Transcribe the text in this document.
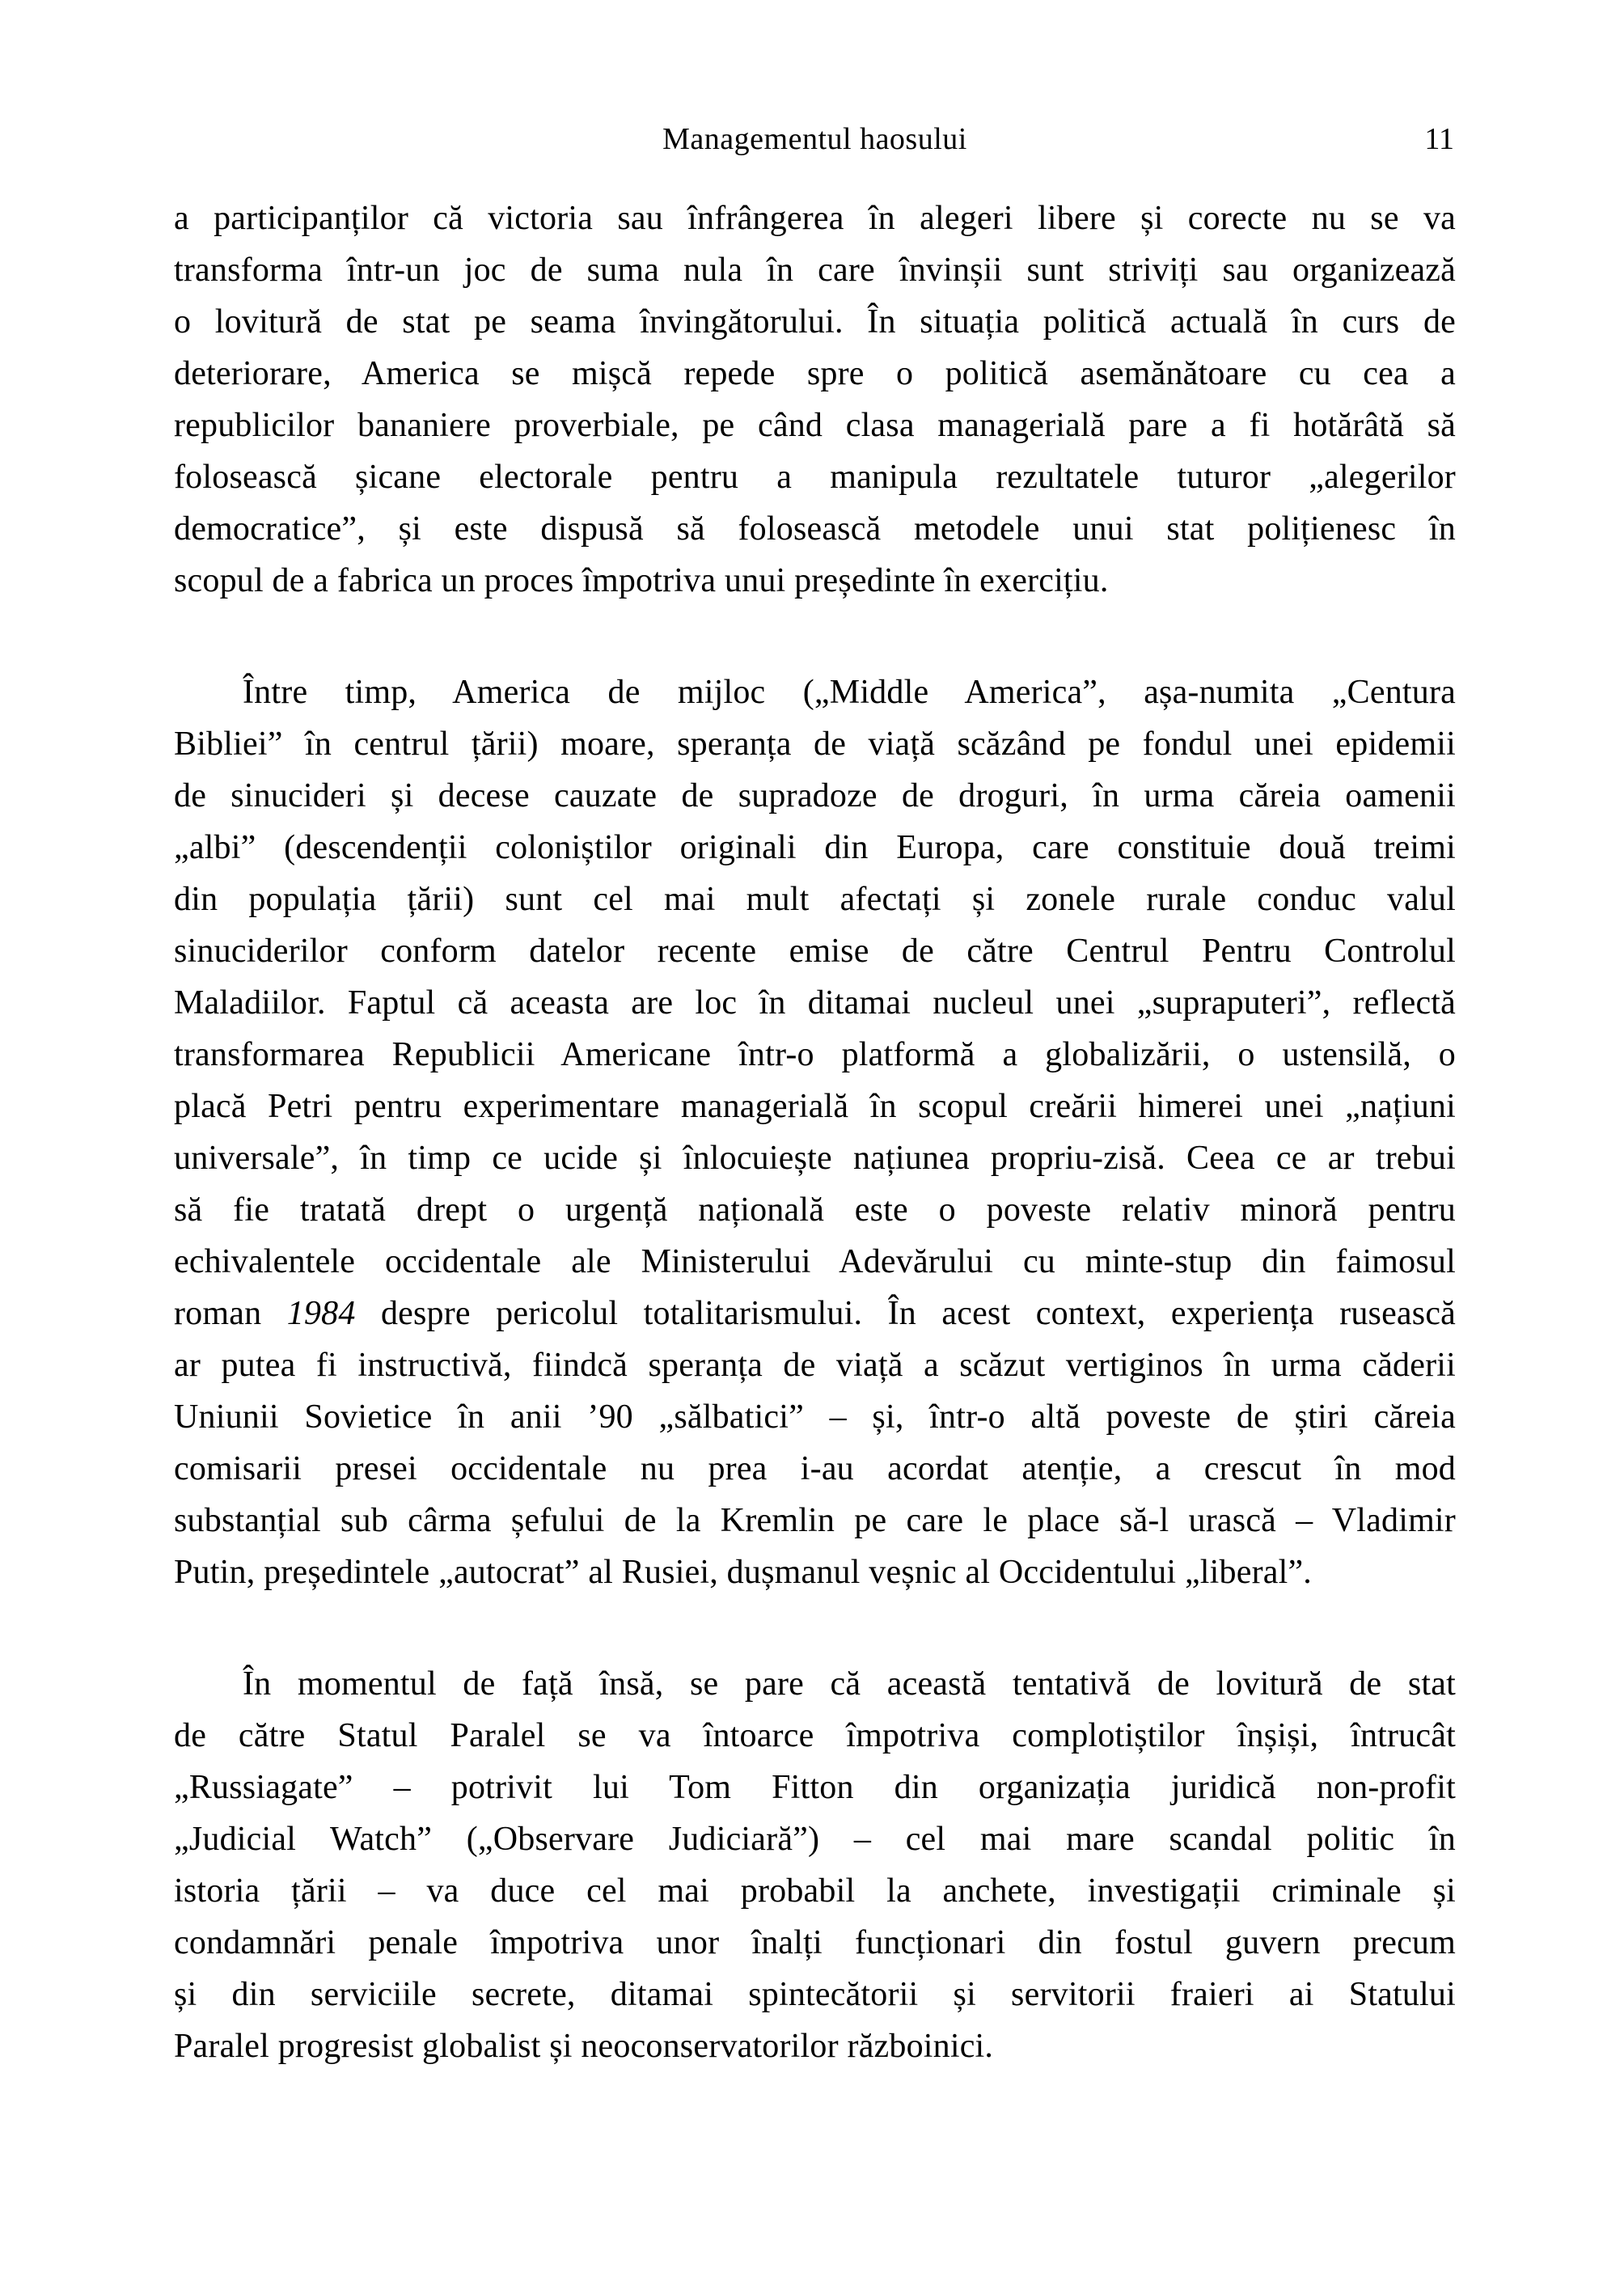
Managementul haosului	11
a participanților că victoria sau înfrângerea în alegeri libere și corecte nu se va
transforma într-un joc de suma nula în care învinșii sunt striviți sau organizează
o lovitură de stat pe seama învingătorului. În situația politică actuală în curs de
deteriorare, America se mișcă repede spre o politică asemănătoare cu cea a
republicilor bananiere proverbiale, pe când clasa managerială pare a fi hotărâtă să
folosească șicane electorale pentru a manipula rezultatele tuturor „alegerilor
democratice”, și este dispusă să folosească metodele unui stat polițienesc în
scopul de a fabrica un proces împotriva unui președinte în exercițiu.
Între timp, America de mijloc („Middle America”, așa-numita „Centura
Bibliei” în centrul țării) moare, speranța de viață scăzând pe fondul unei epidemii
de sinucideri și decese cauzate de supradoze de droguri, în urma căreia oamenii
„albi” (descendenții coloniștilor originali din Europa, care constituie două treimi
din populația țării) sunt cel mai mult afectați și zonele rurale conduc valul
sinuciderilor conform datelor recente emise de către Centrul Pentru Controlul
Maladiilor. Faptul că aceasta are loc în ditamai nucleul unei „supraputeri”, reflectă
transformarea Republicii Americane într-o platformă a globalizării, o ustensilă, o
placă Petri pentru experimentare managerială în scopul creării himerei unei „națiuni
universale”, în timp ce ucide și înlocuiește națiunea propriu-zisă. Ceea ce ar trebui
să fie tratată drept o urgență națională este o poveste relativ minoră pentru
echivalentele occidentale ale Ministerului Adevărului cu minte-stup din faimosul
roman 1984 despre pericolul totalitarismului. În acest context, experiența rusească
ar putea fi instructivă, fiindcă speranța de viață a scăzut vertiginos în urma căderii
Uniunii Sovietice în anii ’90 „sălbatici” – și, într-o altă poveste de știri căreia
comisarii presei occidentale nu prea i-au acordat atenție, a crescut în mod
substanțial sub cârma șefului de la Kremlin pe care le place să-l urască – Vladimir
Putin, președintele „autocrat” al Rusiei, dușmanul veșnic al Occidentului „liberal”.
În momentul de față însă, se pare că această tentativă de lovitură de stat
de către Statul Paralel se va întoarce împotriva complotiștilor înșiși, întrucât
„Russiagate” – potrivit lui Tom Fitton din organizația juridică non-profit
„Judicial Watch” („Observare Judiciară”) – cel mai mare scandal politic în
istoria țării – va duce cel mai probabil la anchete, investigații criminale și
condamnări penale împotriva unor înalți funcționari din fostul guvern precum
și din serviciile secrete, ditamai spintecătorii și servitorii fraieri ai Statului
Paralel progresist globalist și neoconservatorilor războinici.
